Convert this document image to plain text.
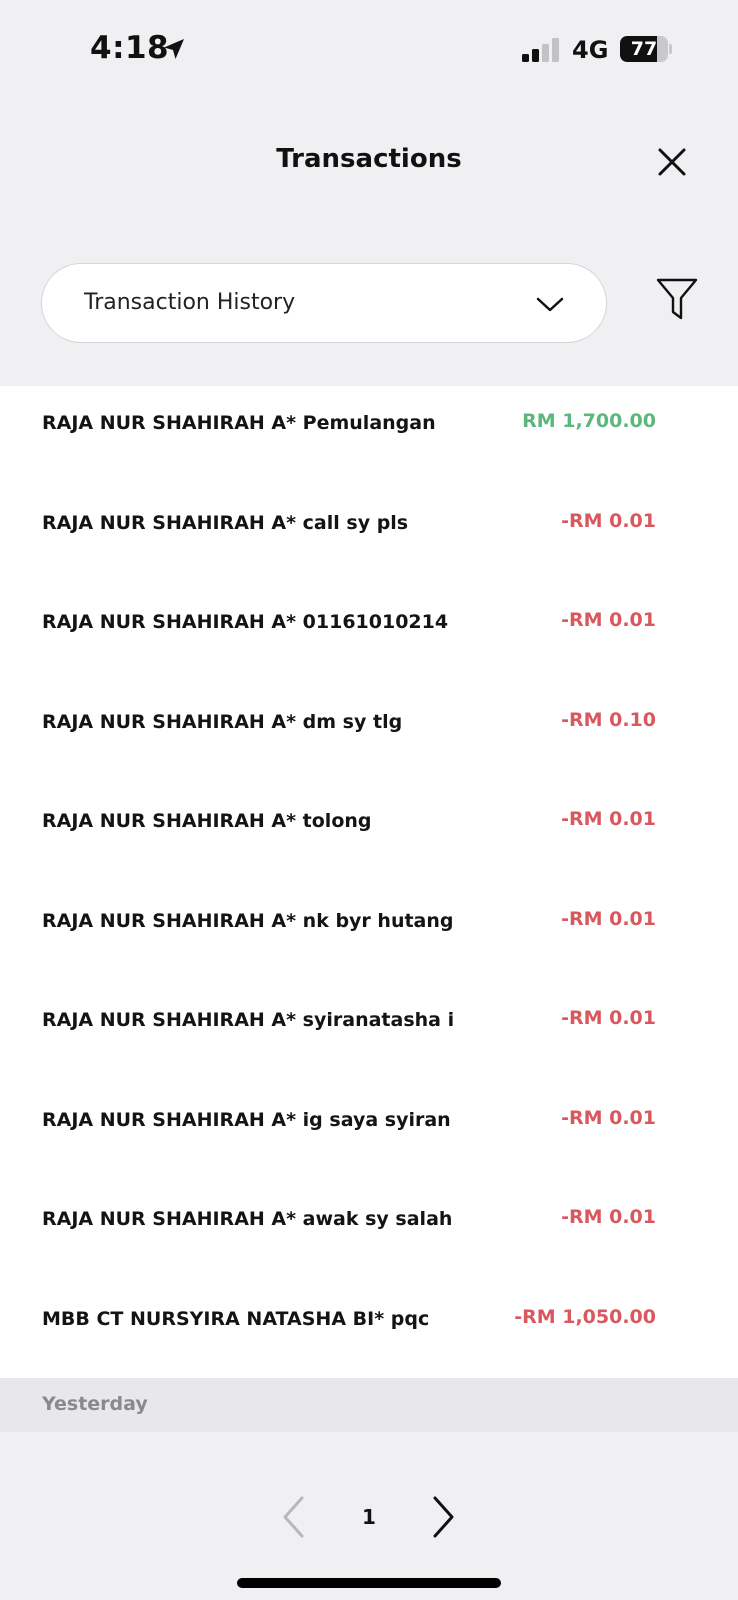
4:18	4G	77
Transactions
Transaction History
RAJA NUR SHAHIRAH A* Pemulangan	RM 1,700.00
RAJA NUR SHAHIRAH A* call sy pls	-RM 0.01
RAJA NUR SHAHIRAH A* 01161010214	-RM 0.01
RAJA NUR SHAHIRAH A* dm sy tlg	-RM 0.10
RAJA NUR SHAHIRAH A* tolong	-RM 0.01
RAJA NUR SHAHIRAH A* nk byr hutang	-RM 0.01
RAJA NUR SHAHIRAH A* syiranatasha i	-RM 0.01
RAJA NUR SHAHIRAH A* ig saya syiran	-RM 0.01
RAJA NUR SHAHIRAH A* awak sy salah	-RM 0.01
MBB CT NURSYIRA NATASHA BI* pqc	-RM 1,050.00
Yesterday
1
